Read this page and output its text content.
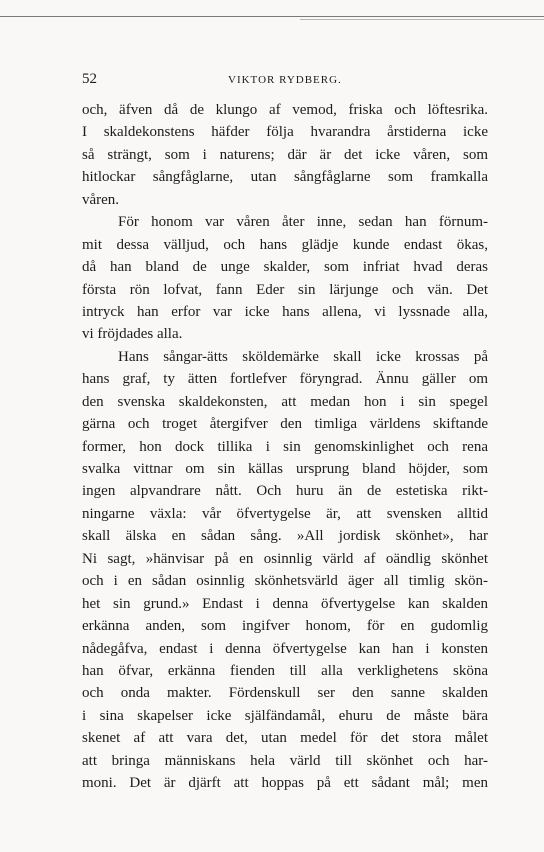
52	VIKTOR RYDBERG.
och, äfven då de klungo af vemod, friska och löftesrika.
I skaldekonstens häfder följa hvarandra årstiderna icke
så strängt, som i naturens; där är det icke våren, som
hitlockar sångfåglarne, utan sångfåglarne som framkalla
våren.
För honom var våren åter inne, sedan han förnum-
mit dessa välljud, och hans glädje kunde endast ökas,
då han bland de unge skalder, som infriat hvad deras
första rön lofvat, fann Eder sin lärjunge och vän. Det
intryck han erfor var icke hans allena, vi lyssnade alla,
vi fröjdades alla.
Hans sångar-ätts sköldemärke skall icke krossas på
hans graf, ty ätten fortlefver föryngrad. Ännu gäller om
den svenska skaldekonsten, att medan hon i sin spegel
gärna och troget återgifver den timliga världens skiftande
former, hon dock tillika i sin genomskinlighet och rena
svalka vittnar om sin källas ursprung bland höjder, som
ingen alpvandrare nått. Och huru än de estetiska rikt-
ningarne växla: vår öfvertygelse är, att svensken alltid
skall älska en sådan sång. »All jordisk skönhet», har
Ni sagt, »hänvisar på en osinnlig värld af oändlig skönhet
och i en sådan osinnlig skönhetsvärld äger all timlig skön-
het sin grund.» Endast i denna öfvertygelse kan skalden
erkänna anden, som ingifver honom, för en gudomlig
nådegåfva, endast i denna öfvertygelse kan han i konsten
han öfvar, erkänna fienden till alla verklighetens sköna
och onda makter. Fördenskull ser den sanne skalden
i sina skapelser icke själfändamål, ehuru de måste bära
skenet af att vara det, utan medel för det stora målet
att bringa människans hela värld till skönhet och har-
moni. Det är djärft att hoppas på ett sådant mål; men
